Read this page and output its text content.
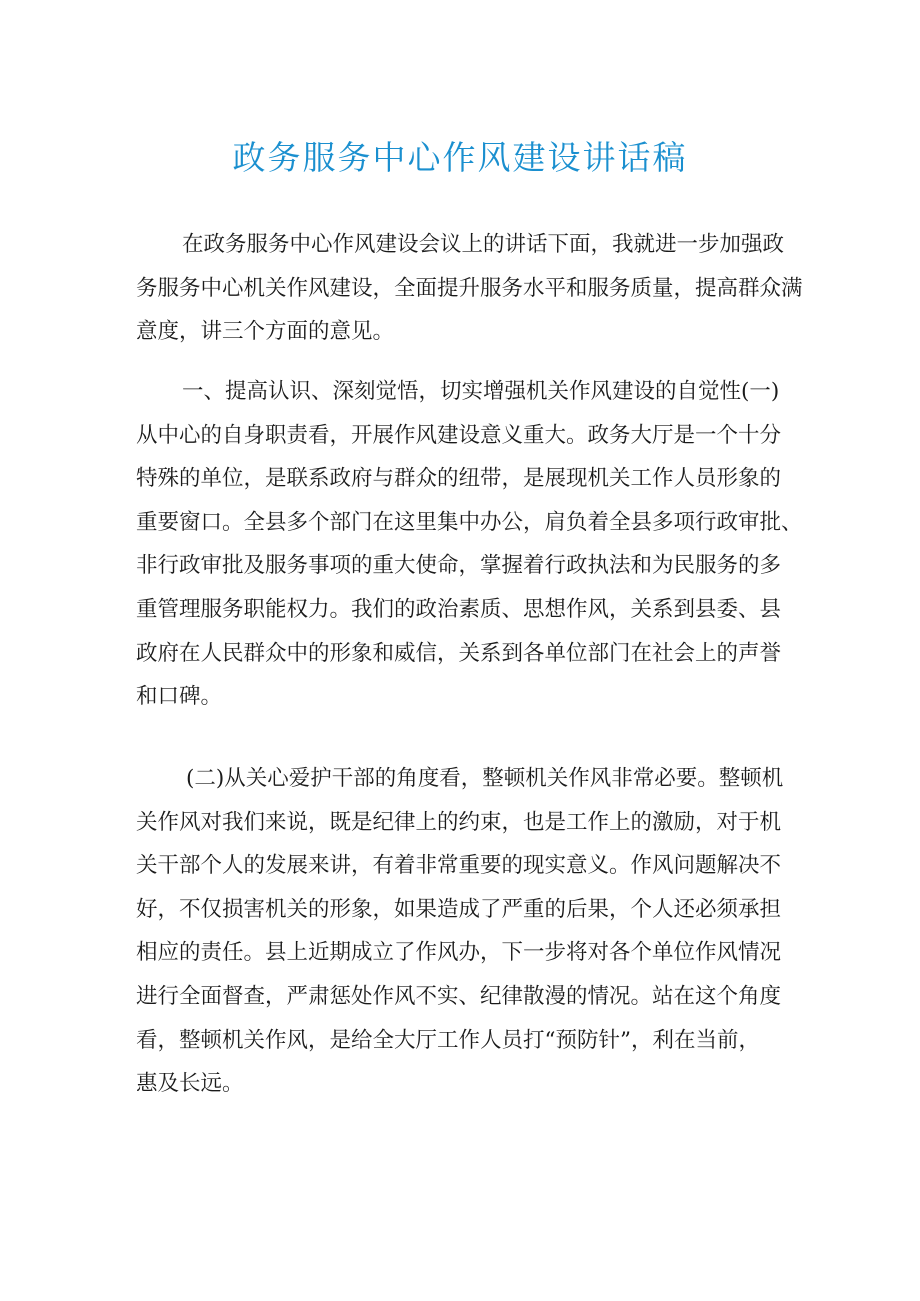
政务服务中心作风建设讲话稿
在政务服务中心作风建设会议上的讲话下面，我就进一步加强政
务服务中心机关作风建设，全面提升服务水平和服务质量，提高群众满
意度，讲三个方面的意见。
一、提高认识、深刻觉悟，切实增强机关作风建设的自觉性(一)
从中心的自身职责看，开展作风建设意义重大。政务大厅是一个十分
特殊的单位，是联系政府与群众的纽带，是展现机关工作人员形象的
重要窗口。全县多个部门在这里集中办公，肩负着全县多项行政审批、
非行政审批及服务事项的重大使命，掌握着行政执法和为民服务的多
重管理服务职能权力。我们的政治素质、思想作风，关系到县委、县
政府在人民群众中的形象和威信，关系到各单位部门在社会上的声誉
和口碑。
(二)从关心爱护干部的角度看，整顿机关作风非常必要。整顿机
关作风对我们来说，既是纪律上的约束，也是工作上的激励，对于机
关干部个人的发展来讲，有着非常重要的现实意义。作风问题解决不
好，不仅损害机关的形象，如果造成了严重的后果，个人还必须承担
相应的责任。县上近期成立了作风办，下一步将对各个单位作风情况
进行全面督查，严肃惩处作风不实、纪律散漫的情况。站在这个角度
看，整顿机关作风，是给全大厅工作人员打“预防针”，利在当前，
惠及长远。
